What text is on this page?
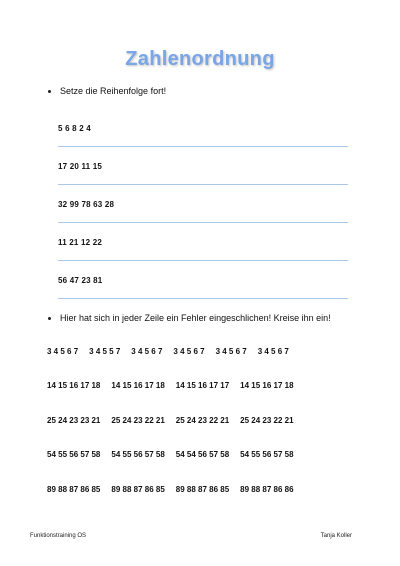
Zahlenordnung
Setze die Reihenfolge fort!
5 6 8 2 4
17 20 11 15
32 99 78 63 28
11 21 12 22
56 47 23 81
Hier hat sich in jeder Zeile ein Fehler eingeschlichen! Kreise ihn ein!
3 4 5 6 7 3 4 5 5 7 3 4 5 6 7 3 4 5 6 7 3 4 5 6 7 3 4 5 6 7
14 15 16 17 18 14 15 16 17 18 14 15 16 17 17 14 15 16 17 18
25 24 23 23 21 25 24 23 22 21 25 24 23 22 21 25 24 23 22 21
54 55 56 57 58 54 55 56 57 58 54 54 56 57 58 54 55 56 57 58
89 88 87 86 85 89 88 87 86 85 89 88 87 86 85 89 88 87 86 86
Funktionstraining OS	Tanja Koller
